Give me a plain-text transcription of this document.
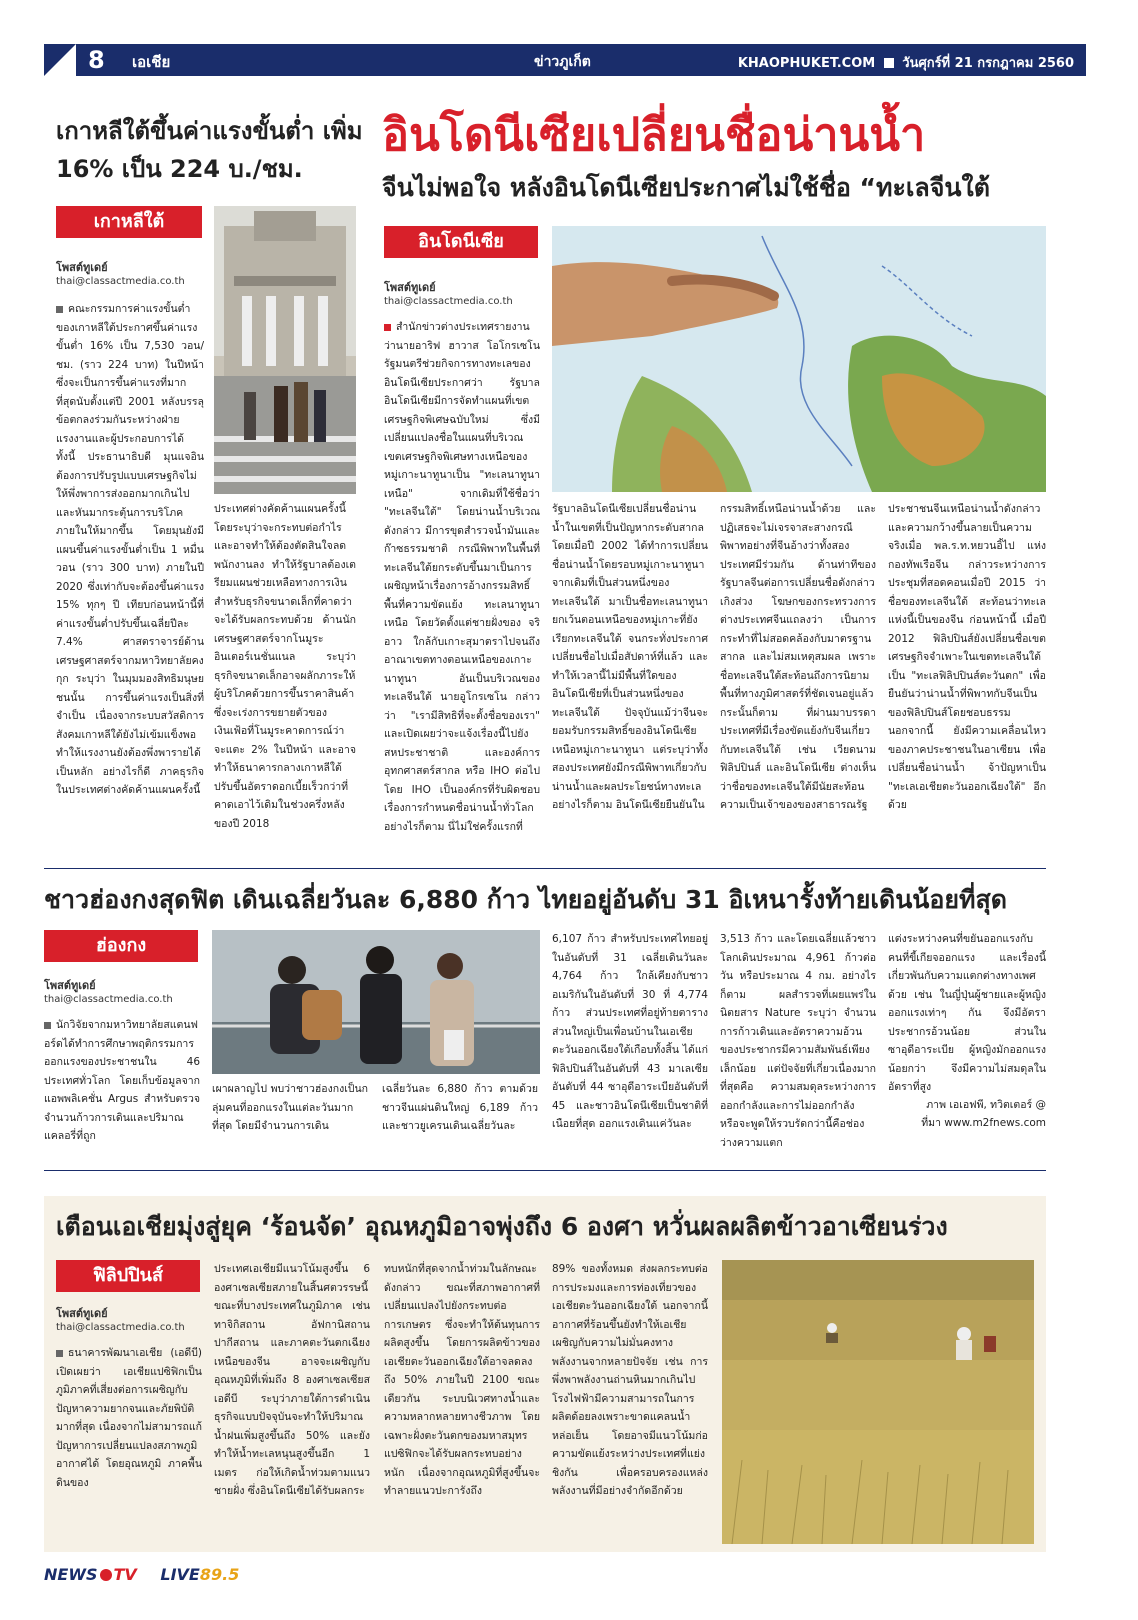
8 เอเชีย	ข่าวภูเก็ต	KHAOPHUKET.COM วันศุกร์ที่ 21 กรกฎาคม 2560
เกาหลีใต้ขึ้นค่าแรงขั้นต่ำ เพิ่ม 16% เป็น 224 บ./ชม.
เกาหลีใต้
โพสต์ทูเดย์
thai@classactmedia.co.th
คณะกรรมการค่าแรงขั้นต่ำของเกาหลีใต้ประกาศขึ้นค่าแรงขั้นต่ำ 16% เป็น 7,530 วอน/ชม. (ราว 224 บาท) ในปีหน้า ซึ่งจะเป็นการขึ้นค่าแรงที่มากที่สุดนับตั้งแต่ปี 2001 หลังบรรลุข้อตกลงร่วมกันระหว่างฝ่ายแรงงานและผู้ประกอบการได้ ทั้งนี้ ประธานาธิบดี มุนแจอิน ต้องการปรับรูปแบบเศรษฐกิจไม่ให้พึ่งพาการส่งออกมากเกินไปและหันมากระตุ้นการบริโภคภายในให้มากขึ้น โดยมุนยังมีแผนขึ้นค่าแรงขั้นต่ำเป็น 1 หมื่นวอน (ราว 300 บาท) ภายในปี 2020 ซึ่งเท่ากับจะต้องขึ้นค่าแรง 15% ทุกๆ ปี เทียบก่อนหน้านี้ที่ค่าแรงขั้นต่ำปรับขึ้นเฉลี่ยปีละ 7.4% ศาสตราจารย์ด้านเศรษฐศาสตร์จากมหาวิทยาลัยคงกุก ระบุว่า ในมุมมองสิทธิมนุษยชนนั้น การขึ้นค่าแรงเป็นสิ่งที่จำเป็น เนื่องจากระบบสวัสดิการสังคมเกาหลีใต้ยังไม่เข้มแข็งพอ ทำให้แรงงานยังต้องพึ่งพารายได้เป็นหลัก อย่างไรก็ดี ภาคธุรกิจในประเทศต่างคัดค้านแผนครั้งนี้
ประเทศต่างคัดค้านแผนครั้งนี้ โดยระบุว่าจะกระทบต่อกำไร และอาจทำให้ต้องตัดสินใจลดพนักงานลง ทำให้รัฐบาลต้องเตรียมแผนช่วยเหลือทางการเงินสำหรับธุรกิจขนาดเล็กที่คาดว่าจะได้รับผลกระทบด้วย ด้านนักเศรษฐศาสตร์จากโนมูระ อินเตอร์เนชั่นแนล ระบุว่า ธุรกิจขนาดเล็กอาจผลักภาระให้ผู้บริโภคด้วยการขึ้นราคาสินค้า ซึ่งจะเร่งการขยายตัวของเงินเฟ้อที่โนมูระคาดการณ์ว่าจะแตะ 2% ในปีหน้า และอาจทำให้ธนาคารกลางเกาหลีใต้ปรับขึ้นอัตราดอกเบี้ยเร็วกว่าที่คาดเอาไว้เดิมในช่วงครึ่งหลังของปี 2018
อินโดนีเซียเปลี่ยนชื่อน่านน้ำ
จีนไม่พอใจ หลังอินโดนีเซียประกาศไม่ใช้ชื่อ “ทะเลจีนใต้
อินโดนีเซีย
โพสต์ทูเดย์
thai@classactmedia.co.th
สำนักข่าวต่างประเทศรายงานว่านายอาริฟ ฮาวาส โอโกรเซโน รัฐมนตรีช่วยกิจการทางทะเลของอินโดนีเซียประกาศว่า รัฐบาลอินโดนีเซียมีการจัดทำแผนที่เขตเศรษฐกิจพิเศษฉบับใหม่ ซึ่งมีเปลี่ยนแปลงชื่อในแผนที่บริเวณเขตเศรษฐกิจพิเศษทางเหนือของหมู่เกาะนาทูนาเป็น "ทะเลนาทูนาเหนือ" จากเดิมที่ใช้ชื่อว่า "ทะเลจีนใต้" โดยน่านน้ำบริเวณดังกล่าว มีการขุดสำรวจน้ำมันและก๊าซธรรมชาติ กรณีพิพาทในพื้นที่ทะเลจีนใต้ยกระดับขึ้นมาเป็นการเผชิญหน้าเรื่องการอ้างกรรมสิทธิ์พื้นที่ความขัดแย้ง ทะเลนาทูนาเหนือ โดยวัดตั้งแต่ชายฝั่งของ จริอาว ใกล้กับเกาะสุมาตราไปจนถึงอาณาเขตทางตอนเหนือของเกาะนาทูนา อันเป็นบริเวณของทะเลจีนใต้ นายอูโกรเซโน กล่าวว่า "เรามีสิทธิที่จะตั้งชื่อของเรา" และเปิดเผยว่าจะแจ้งเรื่องนี้ไปยังสหประชาชาติ และองค์การอุทกศาสตร์สากล หรือ IHO ต่อไป โดย IHO เป็นองค์กรที่รับผิดชอบเรื่องการกำหนดชื่อน่านน้ำทั่วโลก อย่างไรก็ตาม นี่ไม่ใช่ครั้งแรกที่
รัฐบาลอินโดนีเซียเปลี่ยนชื่อน่านน้ำในเขตที่เป็นปัญหากระดับสากล โดยเมื่อปี 2002 ได้ทำการเปลี่ยนชื่อน่านน้ำโดยรอบหมู่เกาะนาทูนา จากเดิมที่เป็นส่วนหนึ่งของทะเลจีนใต้ มาเป็นชื่อทะเลนาทูนา ยกเว้นตอนเหนือของหมู่เกาะที่ยังเรียกทะเลจีนใต้ จนกระทั่งประกาศเปลี่ยนชื่อไปเมื่อสัปดาห์ที่แล้ว และทำให้เวลานี้ไม่มีพื้นที่ใดของอินโดนีเซียที่เป็นส่วนหนึ่งของทะเลจีนใต้ ปัจจุบันแม้ว่าจีนจะยอมรับกรรมสิทธิ์ของอินโดนีเซียเหนือหมู่เกาะนาทูนา แต่ระบุว่าทั้งสองประเทศยังมีกรณีพิพาทเกี่ยวกับน่านน้ำและผลประโยชน์ทางทะเล อย่างไรก็ตาม อินโดนีเซียยืนยันใน
กรรมสิทธิ์เหนือน่านน้ำด้วย และปฏิเสธจะไม่เจรจาสะสางกรณีพิพาทอย่างที่จีนอ้างว่าทั้งสองประเทศมีร่วมกัน ด้านท่าทีของรัฐบาลจีนต่อการเปลี่ยนชื่อดังกล่าว เกิงส่วง โฆษกของกระทรวงการต่างประเทศจีนแถลงว่า เป็นการกระทำที่ไม่สอดคล้องกับมาตรฐานสากล และไม่สมเหตุสมผล เพราะชื่อทะเลจีนใต้สะท้อนถึงการนิยามพื้นที่ทางภูมิศาสตร์ที่ชัดเจนอยู่แล้ว กระนั้นก็ตาม ที่ผ่านมาบรรดาประเทศที่มีเรื่องขัดแย้งกับจีนเกี่ยวกับทะเลจีนใต้ เช่น เวียดนาม ฟิลิปปินส์ และอินโดนีเซีย ต่างเห็นว่าชื่อของทะเลจีนใต้มีนัยสะท้อนความเป็นเจ้าของของสาธารณรัฐ
ประชาชนจีนเหนือน่านน้ำดังกล่าว และความกว้างขึ้นลายเป็นความจริงเมื่อ พล.ร.ท.หยวนอิ้ไป แห่งกองทัพเรือจีน กล่าวระหว่างการประชุมที่สอดคอนเมื่อปี 2015 ว่า ชื่อของทะเลจีนใต้ สะท้อนว่าทะเลแห่งนี้เป็นของจีน ก่อนหน้านี้ เมื่อปี 2012 ฟิลิปปินส์ยังเปลี่ยนชื่อเขตเศรษฐกิจจำเพาะในเขตทะเลจีนใต้เป็น "ทะเลฟิลิปปินส์ตะวันตก" เพื่อยืนยันว่าน่านน้ำที่พิพาทกับจีนเป็นของฟิลิปปินส์โดยชอบธรรม นอกจากนี้ ยังมีความเคลื่อนไหวของภาคประชาชนในอาเซียน เพื่อเปลี่ยนชื่อน่านน้ำ จ้าปัญหาเป็น "ทะเลเอเชียตะวันออกเฉียงใต้" อีกด้วย
ชาวฮ่องกงสุดฟิต เดินเฉลี่ยวันละ 6,880 ก้าว ไทยอยู่อันดับ 31 อิเหนารั้งท้ายเดินน้อยที่สุด
ฮ่องกง
โพสต์ทูเดย์
thai@classactmedia.co.th
นักวิจัยจากมหาวิทยาลัยสแตนฟอร์ดได้ทำการศึกษาพฤติกรรมการออกแรงของประชาชนใน 46 ประเทศทั่วโลก โดยเก็บข้อมูลจากแอพพลิเคชั่น Argus สำหรับตรวจจำนวนก้าวการเดินและปริมาณแคลอรี่ที่ถูก
เผาผลาญไป พบว่าชาวฮ่องกงเป็นกลุ่มคนที่ออกแรงในแต่ละวันมากที่สุด โดยมีจำนวนการเดิน
เฉลี่ยวันละ 6,880 ก้าว ตามด้วยชาวจีนแผ่นดินใหญ่ 6,189 ก้าว และชาวยูเครนเดินเฉลี่ยวันละ
6,107 ก้าว สำหรับประเทศไทยอยู่ในอันดับที่ 31 เฉลี่ยเดินวันละ 4,764 ก้าว ใกล้เคียงกับชาวอเมริกันในอันดับที่ 30 ที่ 4,774 ก้าว ส่วนประเทศที่อยู่ท้ายตารางส่วนใหญ่เป็นเพื่อนบ้านในเอเชียตะวันออกเฉียงใต้เกือบทั้งสิ้น ได้แก่ ฟิลิปปินส์ในอันดับที่ 43 มาเลเซียอันดับที่ 44 ซาอุดีอาระเบียอันดับที่ 45 และชาวอินโดนีเซียเป็นชาติที่เนือยที่สุด ออกแรงเดินแค่วันละ
3,513 ก้าว และโดยเฉลี่ยแล้วชาวโลกเดินประมาณ 4,961 ก้าวต่อวัน หรือประมาณ 4 กม. อย่างไรก็ตาม ผลสำรวจที่เผยแพร่ในนิตยสาร Nature ระบุว่า จำนวนการก้าวเดินและอัตราความอ้วนของประชากรมีความสัมพันธ์เพียงเล็กน้อย แต่ปัจจัยที่เกี่ยวเนื่องมากที่สุดคือ ความสมดุลระหว่างการออกกำลังและการไม่ออกกำลัง หรือจะพูดให้รวบรัดกว่านี้คือช่องว่างความแตก
แต่งระหว่างคนที่ขยันออกแรงกับคนที่ขี้เกียจออกแรง และเรื่องนี้เกี่ยวพันกับความแตกต่างทางเพศด้วย เช่น ในญี่ปุ่นผู้ชายและผู้หญิงออกแรงเท่าๆ กัน จึงมีอัตราประชากรอ้วนน้อย ส่วนในซาอุดีอาระเบีย ผู้หญิงมักออกแรงน้อยกว่า จึงมีความไม่สมดุลในอัตราที่สูง
ภาพ เอเอฟพี, ทวิตเตอร์ @
ที่มา www.m2fnews.com
เตือนเอเชียมุ่งสู่ยุค ‘ร้อนจัด’ อุณหภูมิอาจพุ่งถึง 6 องศา หวั่นผลผลิตข้าวอาเซียนร่วง
ฟิลิปปินส์
โพสต์ทูเดย์
thai@classactmedia.co.th
ธนาคารพัฒนาเอเชีย (เอดีบี) เปิดเผยว่า เอเชียแปซิฟิกเป็นภูมิภาคที่เสี่ยงต่อการเผชิญกับปัญหาความยากจนและภัยพิบัติมากที่สุด เนื่องจากไม่สามารถแก้ปัญหาการเปลี่ยนแปลงสภาพภูมิอากาศได้ โดยอุณหภูมิ ภาคพื้นดินของ
ประเทศเอเชียมีแนวโน้มสูงขึ้น 6 องศาเซลเซียสภายในสิ้นศตวรรษนี้ ขณะที่บางประเทศในภูมิภาค เช่น ทาจิกิสถาน อัฟกานิสถาน ปากีสถาน และภาคตะวันตกเฉียงเหนือของจีน อาจจะเผชิญกับอุณหภูมิที่เพิ่มถึง 8 องศาเซลเซียส เอดีบี ระบุว่าภายใต้การดำเนินธุรกิจแบบปัจจุบันจะทำให้ปริมาณน้ำฝนเพิ่มสูงขึ้นถึง 50% และยังทำให้น้ำทะเลหนุนสูงขึ้นอีก 1 เมตร ก่อให้เกิดน้ำท่วมตามแนวชายฝั่ง ซึ่งอินโดนีเซียได้รับผลกระ
ทบหนักที่สุดจากน้ำท่วมในลักษณะดังกล่าว ขณะที่สภาพอากาศที่เปลี่ยนแปลงไปยังกระทบต่อการเกษตร ซึ่งจะทำให้ต้นทุนการผลิตสูงขึ้น โดยการผลิตข้าวของเอเชียตะวันออกเฉียงใต้อาจลดลงถึง 50% ภายในปี 2100 ขณะเดียวกัน ระบบนิเวศทางน้ำและความหลากหลายทางชีวภาพ โดยเฉพาะฝั่งตะวันตกของมหาสมุทรแปซิฟิกจะได้รับผลกระทบอย่างหนัก เนื่องจากอุณหภูมิที่สูงขึ้นจะทำลายแนวปะการังถึง
89% ของทั้งหมด ส่งผลกระทบต่อการประมงและการท่องเที่ยวของเอเชียตะวันออกเฉียงใต้ นอกจากนี้ อากาศที่ร้อนขึ้นยังทำให้เอเชียเผชิญกับความไม่มั่นคงทางพลังงานจากหลายปัจจัย เช่น การพึ่งพาพลังงานถ่านหินมากเกินไป โรงไฟฟ้ามีความสามารถในการผลิตด้อยลงเพราะขาดแคลนน้ำหล่อเย็น โดยอาจมีแนวโน้มก่อความขัดแย้งระหว่างประเทศที่แย่งชิงกัน เพื่อครอบครองแหล่งพลังงานที่มีอย่างจำกัดอีกด้วย
NEWS TV LIVE89.5
